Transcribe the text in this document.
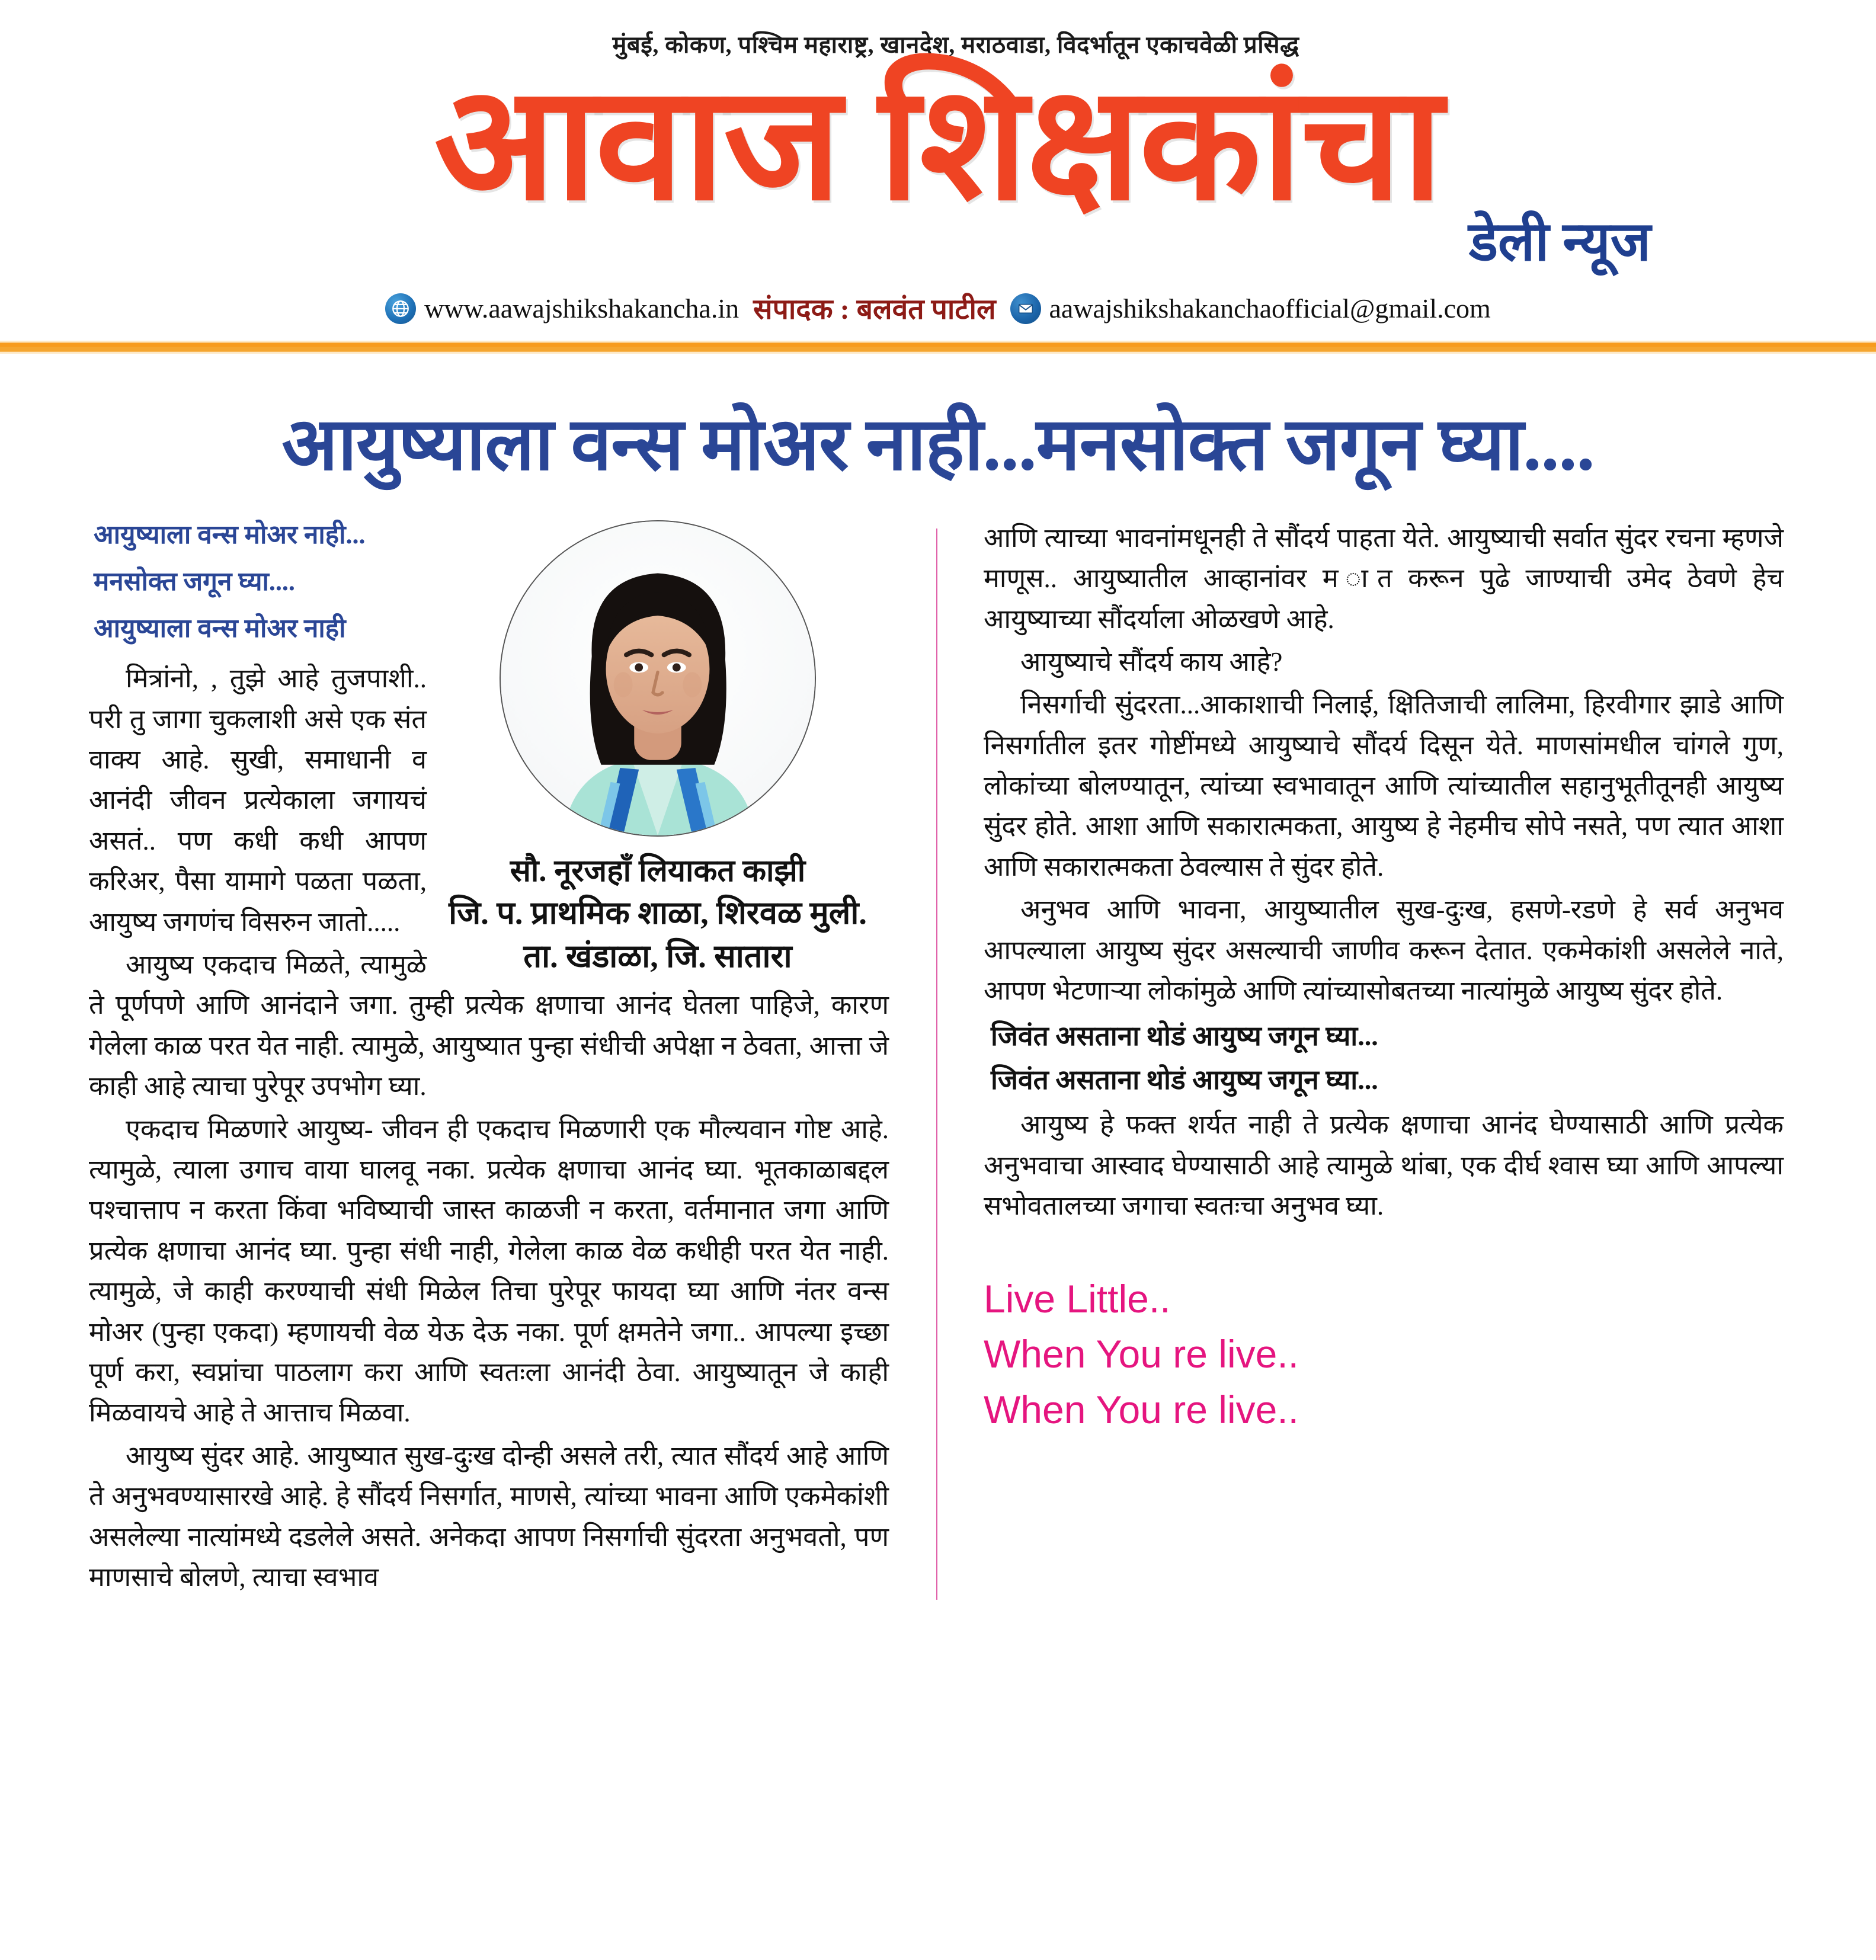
मुंबई, कोकण, पश्चिम महाराष्ट्र, खानदेश, मराठवाडा, विदर्भातून एकाचवेळी प्रसिद्ध
आवाज शिक्षकांचा
डेली न्यूज
www.aawajshikshakancha.in संपादक : बलवंत पाटील aawajshikshakanchaofficial@gmail.com
आयुष्याला वन्स मोअर नाही...मनसोक्त जगून घ्या....
सौ. नूरजहाँ लियाकत काझी
जि. प. प्राथमिक शाळा, शिरवळ मुली.
ता. खंडाळा, जि. सातारा
आयुष्याला वन्स मोअर नाही...
मनसोक्त जगून घ्या....
आयुष्याला वन्स मोअर नाही

मित्रांनो, , तुझे आहे तुजपाशी.. परी तु जागा चुकलाशी असे एक संत वाक्य आहे. सुखी, समाधानी व आनंदी जीवन प्रत्येकाला जगायचं असतं.. पण कधी कधी आपण करिअर, पैसा यामागे पळता पळता, आयुष्य जगणंच विसरुन जातो.....

आयुष्य एकदाच मिळते, त्यामुळे ते पूर्णपणे आणि आनंदाने जगा. तुम्ही प्रत्येक क्षणाचा आनंद घेतला पाहिजे, कारण गेलेला काळ परत येत नाही. त्यामुळे, आयुष्यात पुन्हा संधीची अपेक्षा न ठेवता, आत्ता जे काही आहे त्याचा पुरेपूर उपभोग घ्या.

एकदाच मिळणारे आयुष्य- जीवन ही एकदाच मिळणारी एक मौल्यवान गोष्ट आहे. त्यामुळे, त्याला उगाच वाया घालवू नका. प्रत्येक क्षणाचा आनंद घ्या. भूतकाळाबद्दल पश्चात्ताप न करता किंवा भविष्याची जास्त काळजी न करता, वर्तमानात जगा आणि प्रत्येक क्षणाचा आनंद घ्या. पुन्हा संधी नाही, गेलेला काळ वेळ कधीही परत येत नाही. त्यामुळे, जे काही करण्याची संधी मिळेल तिचा पुरेपूर फायदा घ्या आणि नंतर वन्स मोअर (पुन्हा एकदा) म्हणायची वेळ येऊ देऊ नका. पूर्ण क्षमतेने जगा.. आपल्या इच्छा पूर्ण करा, स्वप्नांचा पाठलाग करा आणि स्वतःला आनंदी ठेवा. आयुष्यातून जे काही मिळवायचे आहे ते आत्ताच मिळवा.

आयुष्य सुंदर आहे. आयुष्यात सुख-दुःख दोन्ही असले तरी, त्यात सौंदर्य आहे आणि ते अनुभवण्यासारखे आहे. हे सौंदर्य निसर्गात, माणसे, त्यांच्या भावना आणि एकमेकांशी असलेल्या नात्यांमध्ये दडलेले असते. अनेकदा आपण निसर्गाची सुंदरता अनुभवतो, पण माणसाचे बोलणे, त्याचा स्वभाव

आणि त्याच्या भावनांमधूनही ते सौंदर्य पाहता येते. आयुष्याची सर्वात सुंदर रचना म्हणजे माणूस.. आयुष्यातील आव्हानांवर म ात करून पुढे जाण्याची उमेद ठेवणे हेच आयुष्याच्या सौंदर्याला ओळखणे आहे.

आयुष्याचे सौंदर्य काय आहे?

निसर्गाची सुंदरता...आकाशाची निलाई, क्षितिजाची लालिमा, हिरवीगार झाडे आणि निसर्गातील इतर गोष्टींमध्ये आयुष्याचे सौंदर्य दिसून येते. माणसांमधील चांगले गुण, लोकांच्या बोलण्यातून, त्यांच्या स्वभावातून आणि त्यांच्यातील सहानुभूतीतूनही आयुष्य सुंदर होते. आशा आणि सकारात्मकता, आयुष्य हे नेहमीच सोपे नसते, पण त्यात आशा आणि सकारात्मकता ठेवल्यास ते सुंदर होते.

अनुभव आणि भावना, आयुष्यातील सुख-दुःख, हसणे-रडणे हे सर्व अनुभव आपल्याला आयुष्य सुंदर असल्याची जाणीव करून देतात. एकमेकांशी असलेले नाते, आपण भेटणाऱ्या लोकांमुळे आणि त्यांच्यासोबतच्या नात्यांमुळे आयुष्य सुंदर होते.

जिवंत असताना थोडं आयुष्य जगून घ्या...
जिवंत असताना थोडं आयुष्य जगून घ्या...

आयुष्य हे फक्त शर्यत नाही ते प्रत्येक क्षणाचा आनंद घेण्यासाठी आणि प्रत्येक अनुभवाचा आस्वाद घेण्यासाठी आहे त्यामुळे थांबा, एक दीर्घ श्वास घ्या आणि आपल्या सभोवतालच्या जगाचा स्वतःचा अनुभव घ्या.

Live Little..
When You re live..
When You re live..
